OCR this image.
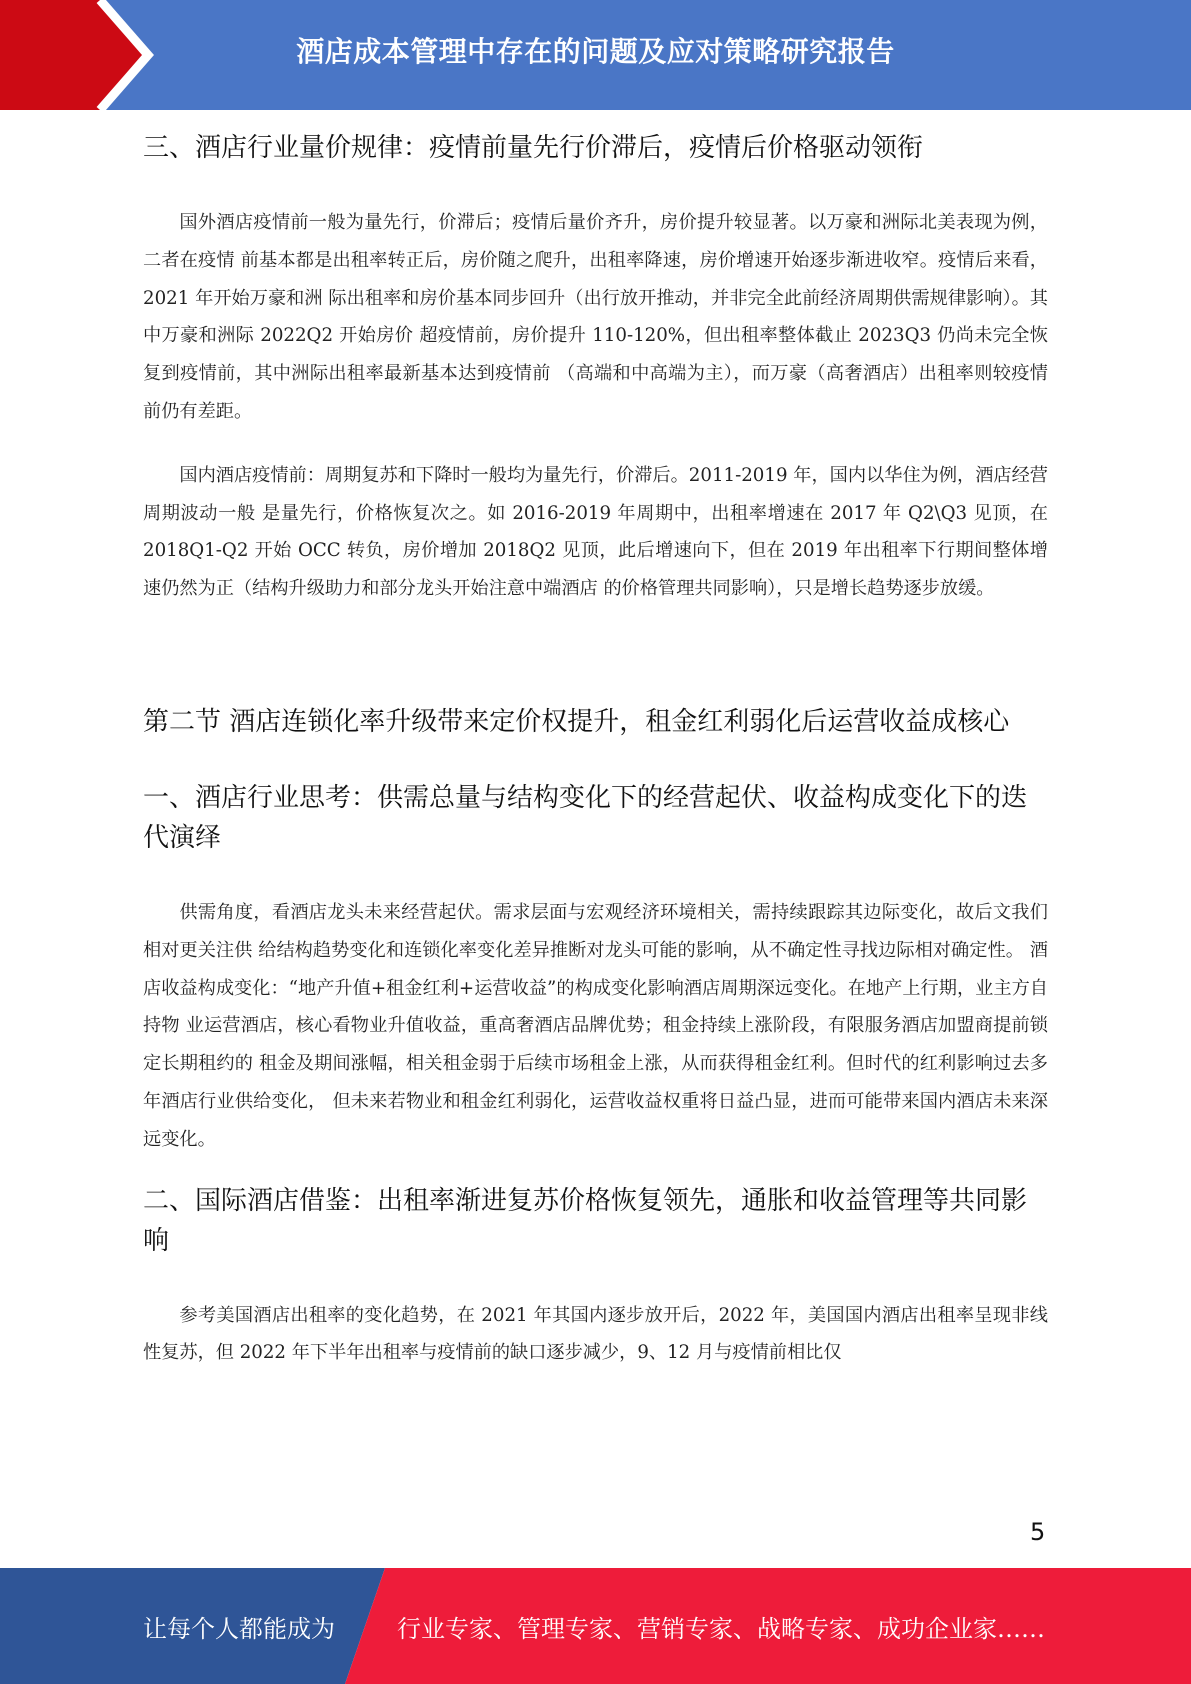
酒店成本管理中存在的问题及应对策略研究报告
三、酒店行业量价规律：疫情前量先行价滞后，疫情后价格驱动领衔

国外酒店疫情前一般为量先行，价滞后；疫情后量价齐升，房价提升较显著。以万豪和洲际北美表现为例，二者在疫情 前基本都是出租率转正后，房价随之爬升，出租率降速，房价增速开始逐步渐进收窄。疫情后来看，2021 年开始万豪和洲 际出租率和房价基本同步回升（出行放开推动，并非完全此前经济周期供需规律影响）。其中万豪和洲际 2022Q2 开始房价 超疫情前，房价提升 110-120%，但出租率整体截止 2023Q3 仍尚未完全恢复到疫情前，其中洲际出租率最新基本达到疫情前 （高端和中高端为主），而万豪（高奢酒店）出租率则较疫情前仍有差距。

国内酒店疫情前：周期复苏和下降时一般均为量先行，价滞后。2011-2019 年，国内以华住为例，酒店经营周期波动一般 是量先行，价格恢复次之。如 2016-2019 年周期中，出租率增速在 2017 年 Q2\Q3 见顶，在 2018Q1-Q2 开始 OCC 转负，房价增加 2018Q2 见顶，此后增速向下，但在 2019 年出租率下行期间整体增速仍然为正（结构升级助力和部分龙头开始注意中端酒店 的价格管理共同影响），只是增长趋势逐步放缓。

第二节 酒店连锁化率升级带来定价权提升，租金红利弱化后运营收益成核心
一、酒店行业思考：供需总量与结构变化下的经营起伏、收益构成变化下的迭代演绎

供需角度，看酒店龙头未来经营起伏。需求层面与宏观经济环境相关，需持续跟踪其边际变化，故后文我们相对更关注供 给结构趋势变化和连锁化率变化差异推断对龙头可能的影响，从不确定性寻找边际相对确定性。 酒店收益构成变化：“地产升值+租金红利+运营收益”的构成变化影响酒店周期深远变化。在地产上行期，业主方自持物 业运营酒店，核心看物业升值收益，重高奢酒店品牌优势；租金持续上涨阶段，有限服务酒店加盟商提前锁定长期租约的 租金及期间涨幅，相关租金弱于后续市场租金上涨，从而获得租金红利。但时代的红利影响过去多年酒店行业供给变化， 但未来若物业和租金红利弱化，运营收益权重将日益凸显，进而可能带来国内酒店未来深远变化。

二、国际酒店借鉴：出租率渐进复苏价格恢复领先，通胀和收益管理等共同影响

参考美国酒店出租率的变化趋势，在 2021 年其国内逐步放开后，2022 年，美国国内酒店出租率呈现非线性复苏，但 2022 年下半年出租率与疫情前的缺口逐步减少，9、12 月与疫情前相比仅

5
让每个人都能成为	行业专家、管理专家、营销专家、战略专家、成功企业家……
